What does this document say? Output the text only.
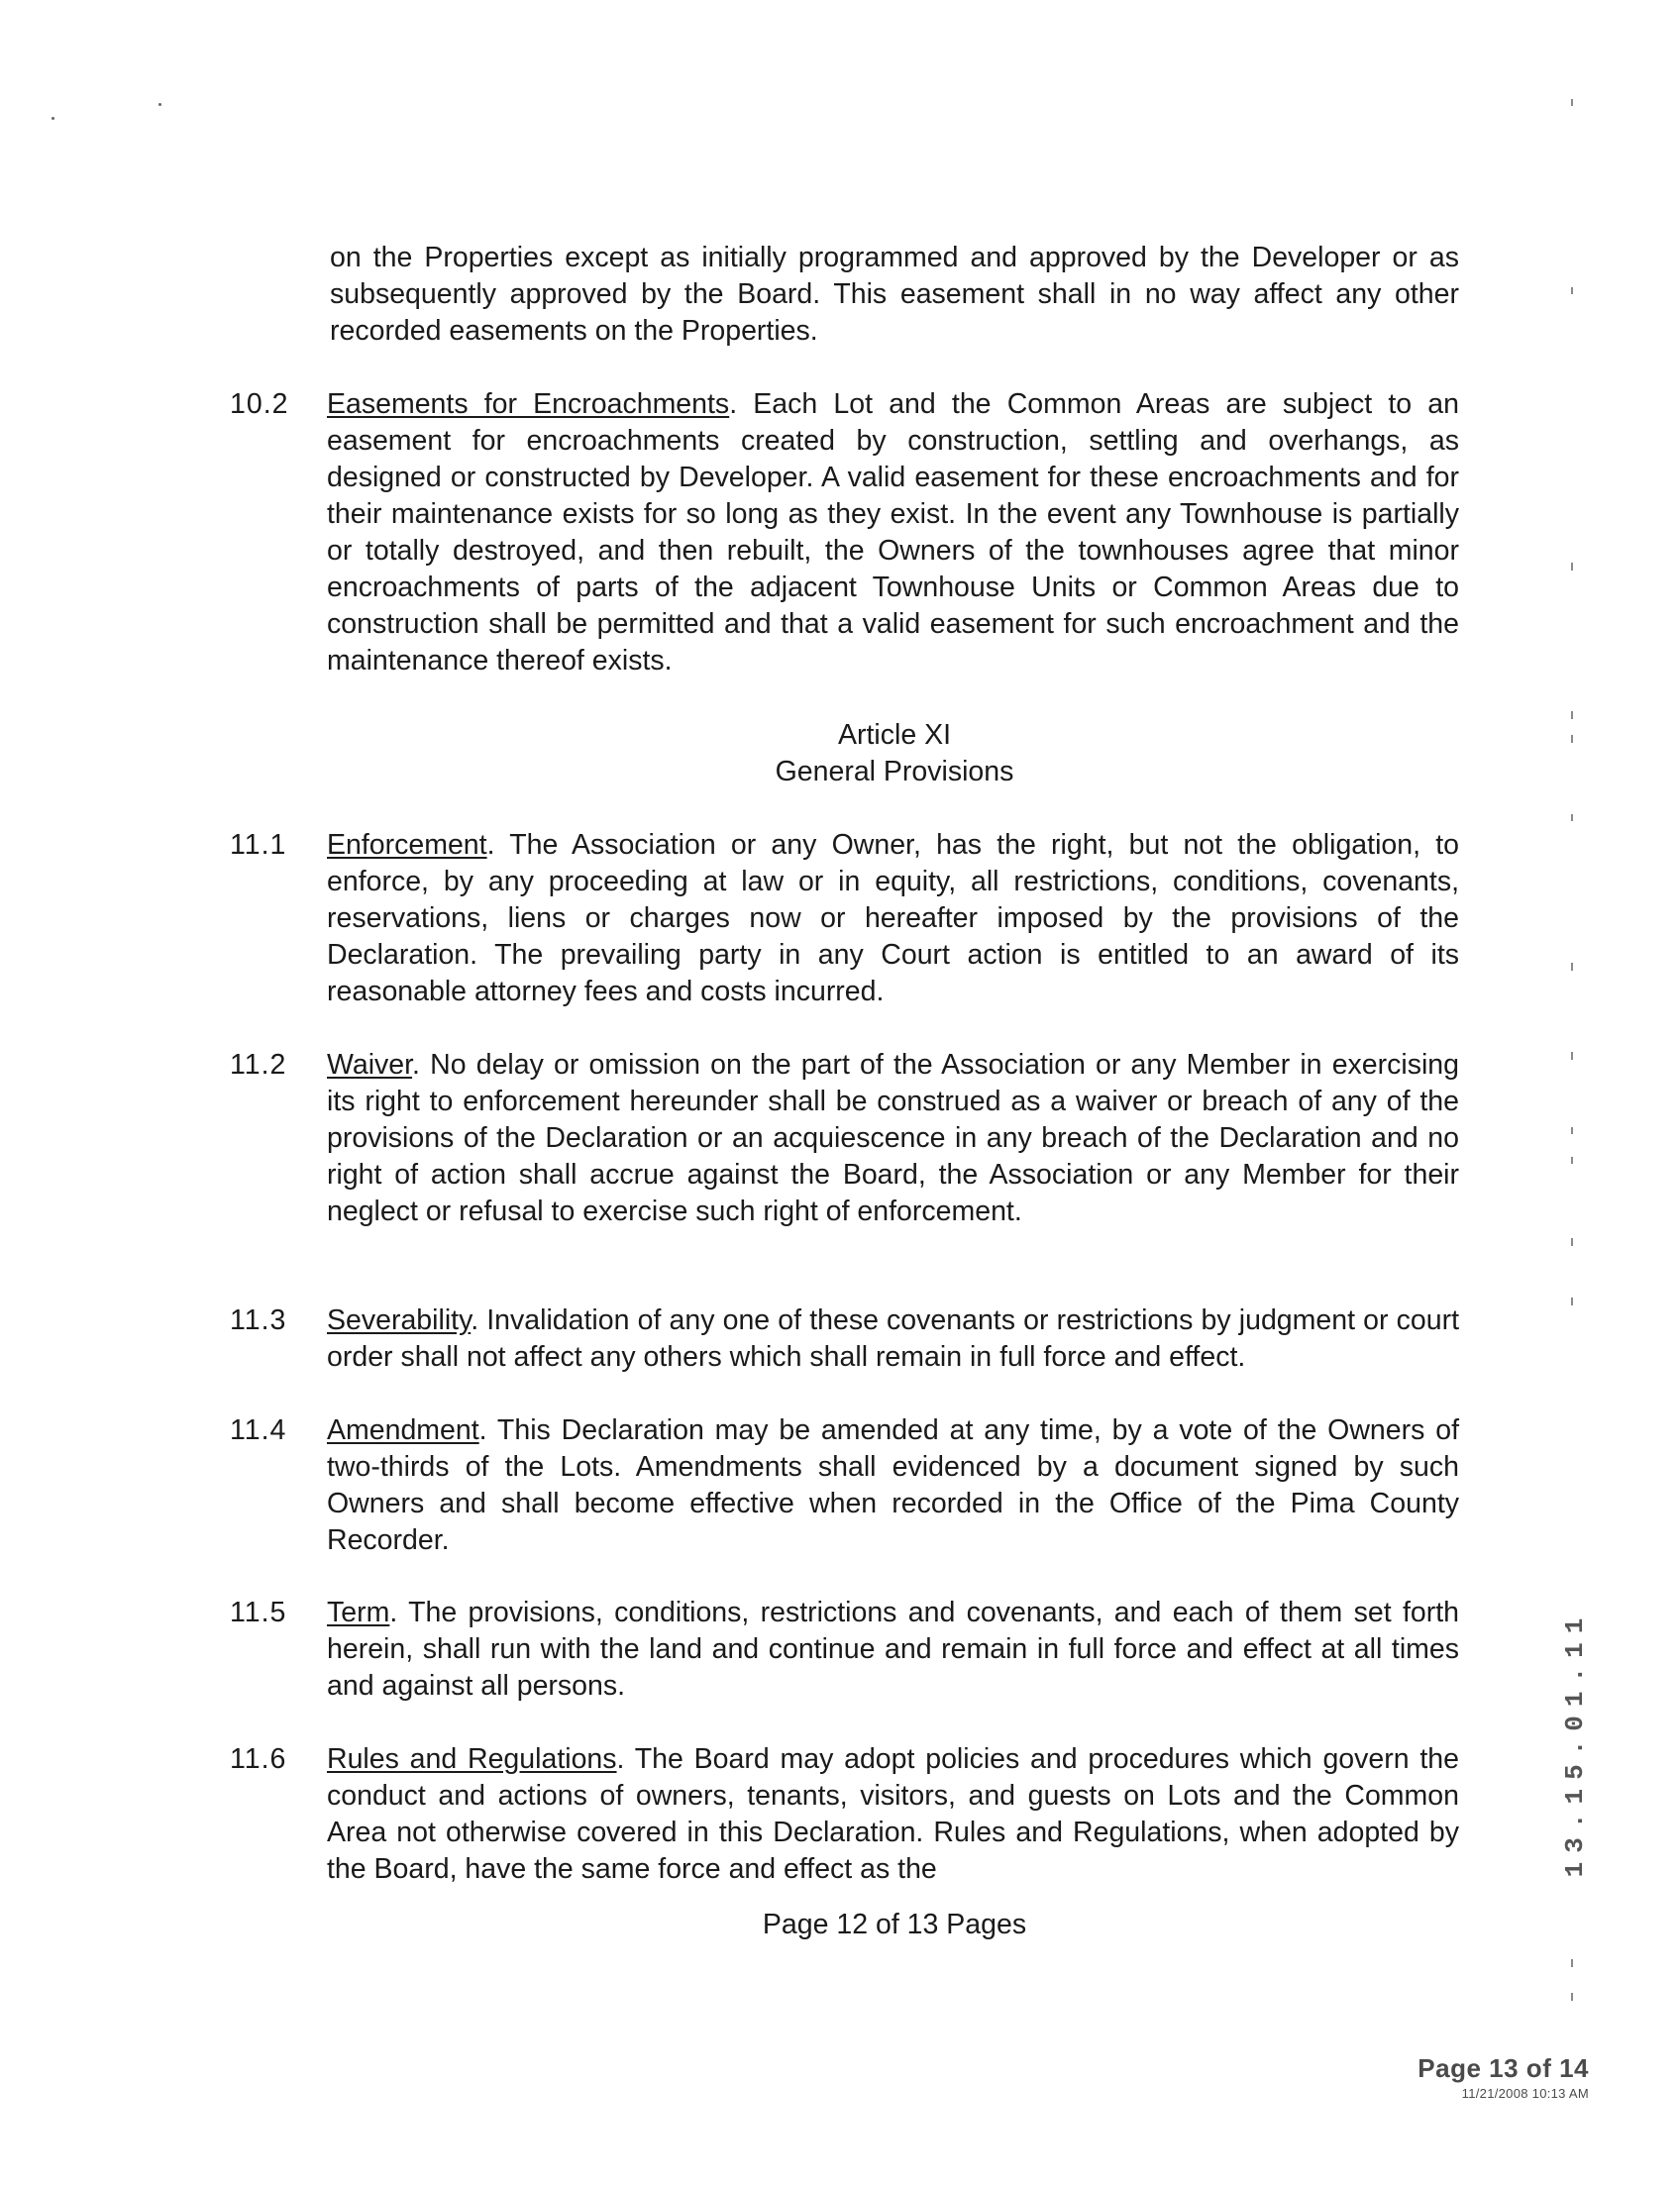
on the Properties except as initially programmed and approved by the Developer or as subsequently approved by the Board. This easement shall in no way affect any other recorded easements on the Properties.
10.2	Easements for Encroachments. Each Lot and the Common Areas are subject to an easement for encroachments created by construction, settling and overhangs, as designed or constructed by Developer. A valid easement for these encroachments and for their maintenance exists for so long as they exist. In the event any Townhouse is partially or totally destroyed, and then rebuilt, the Owners of the townhouses agree that minor encroachments of parts of the adjacent Townhouse Units or Common Areas due to construction shall be permitted and that a valid easement for such encroachment and the maintenance thereof exists.
Article XI
General Provisions
11.1	Enforcement. The Association or any Owner, has the right, but not the obligation, to enforce, by any proceeding at law or in equity, all restrictions, conditions, covenants, reservations, liens or charges now or hereafter imposed by the provisions of the Declaration. The prevailing party in any Court action is entitled to an award of its reasonable attorney fees and costs incurred.
11.2	Waiver. No delay or omission on the part of the Association or any Member in exercising its right to enforcement hereunder shall be construed as a waiver or breach of any of the provisions of the Declaration or an acquiescence in any breach of the Declaration and no right of action shall accrue against the Board, the Association or any Member for their neglect or refusal to exercise such right of enforcement.
11.3	Severability. Invalidation of any one of these covenants or restrictions by judgment or court order shall not affect any others which shall remain in full force and effect.
11.4	Amendment. This Declaration may be amended at any time, by a vote of the Owners of two-thirds of the Lots. Amendments shall evidenced by a document signed by such Owners and shall become effective when recorded in the Office of the Pima County Recorder.
11.5	Term. The provisions, conditions, restrictions and covenants, and each of them set forth herein, shall run with the land and continue and remain in full force and effect at all times and against all persons.
11.6	Rules and Regulations. The Board may adopt policies and procedures which govern the conduct and actions of owners, tenants, visitors, and guests on Lots and the Common Area not otherwise covered in this Declaration. Rules and Regulations, when adopted by the Board, have the same force and effect as the
Page 12 of 13 Pages
13.15.01.11
Page 13 of 14
11/21/2008 10:13 AM
